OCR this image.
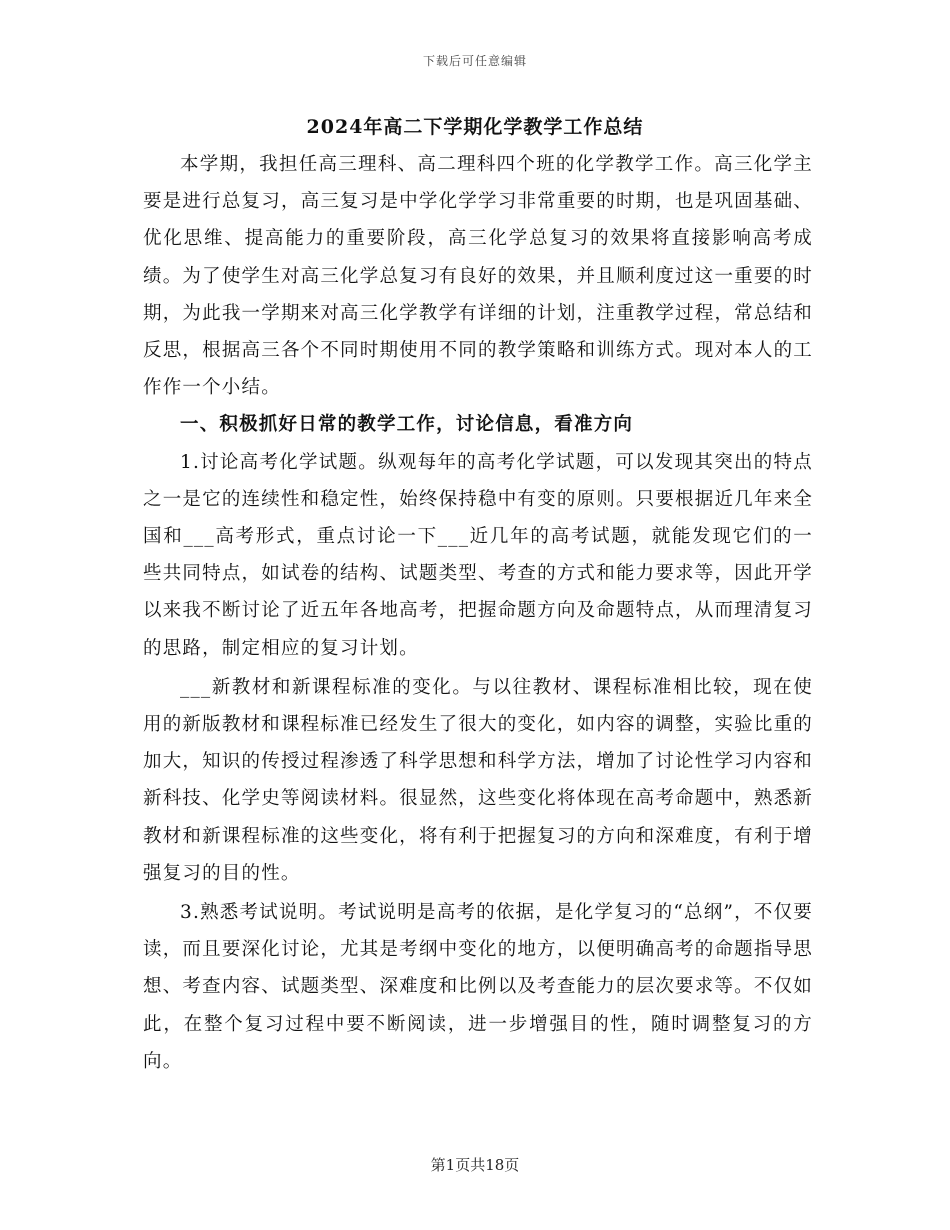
下载后可任意编辑
2024年高二下学期化学教学工作总结

本学期，我担任高三理科、高二理科四个班的化学教学工作。高三化学主要是进行总复习，高三复习是中学化学学习非常重要的时期，也是巩固基础、优化思维、提高能力的重要阶段，高三化学总复习的效果将直接影响高考成绩。为了使学生对高三化学总复习有良好的效果，并且顺利度过这一重要的时期，为此我一学期来对高三化学教学有详细的计划，注重教学过程，常总结和反思，根据高三各个不同时期使用不同的教学策略和训练方式。现对本人的工作作一个小结。

一、积极抓好日常的教学工作，讨论信息，看准方向

1.讨论高考化学试题。纵观每年的高考化学试题，可以发现其突出的特点之一是它的连续性和稳定性，始终保持稳中有变的原则。只要根据近几年来全国和___高考形式，重点讨论一下___近几年的高考试题，就能发现它们的一些共同特点，如试卷的结构、试题类型、考查的方式和能力要求等，因此开学以来我不断讨论了近五年各地高考，把握命题方向及命题特点，从而理清复习的思路，制定相应的复习计划。

___新教材和新课程标准的变化。与以往教材、课程标准相比较，现在使用的新版教材和课程标准已经发生了很大的变化，如内容的调整，实验比重的加大，知识的传授过程渗透了科学思想和科学方法，增加了讨论性学习内容和新科技、化学史等阅读材料。很显然，这些变化将体现在高考命题中，熟悉新教材和新课程标准的这些变化，将有利于把握复习的方向和深难度，有利于增强复习的目的性。

3.熟悉考试说明。考试说明是高考的依据，是化学复习的“总纲”，不仅要读，而且要深化讨论，尤其是考纲中变化的地方，以便明确高考的命题指导思想、考查内容、试题类型、深难度和比例以及考查能力的层次要求等。不仅如此，在整个复习过程中要不断阅读，进一步增强目的性，随时调整复习的方向。

第1页共18页
